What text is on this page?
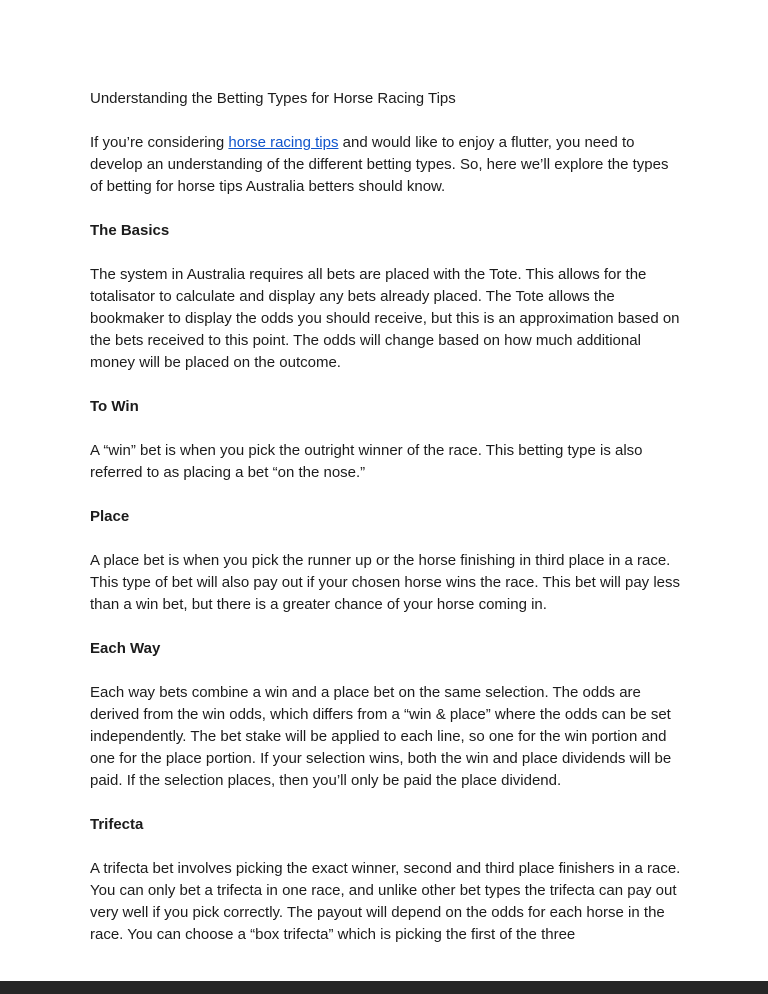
Understanding the Betting Types for Horse Racing Tips
If you’re considering horse racing tips and would like to enjoy a flutter, you need to develop an understanding of the different betting types. So, here we’ll explore the types of betting for horse tips Australia betters should know.
The Basics
The system in Australia requires all bets are placed with the Tote. This allows for the totalisator to calculate and display any bets already placed. The Tote allows the bookmaker to display the odds you should receive, but this is an approximation based on the bets received to this point. The odds will change based on how much additional money will be placed on the outcome.
To Win
A “win” bet is when you pick the outright winner of the race. This betting type is also referred to as placing a bet “on the nose.”
Place
A place bet is when you pick the runner up or the horse finishing in third place in a race. This type of bet will also pay out if your chosen horse wins the race. This bet will pay less than a win bet, but there is a greater chance of your horse coming in.
Each Way
Each way bets combine a win and a place bet on the same selection. The odds are derived from the win odds, which differs from a “win & place” where the odds can be set independently. The bet stake will be applied to each line, so one for the win portion and one for the place portion. If your selection wins, both the win and place dividends will be paid. If the selection places, then you’ll only be paid the place dividend.
Trifecta
A trifecta bet involves picking the exact winner, second and third place finishers in a race. You can only bet a trifecta in one race, and unlike other bet types the trifecta can pay out very well if you pick correctly. The payout will depend on the odds for each horse in the race. You can choose a “box trifecta” which is picking the first of the three
